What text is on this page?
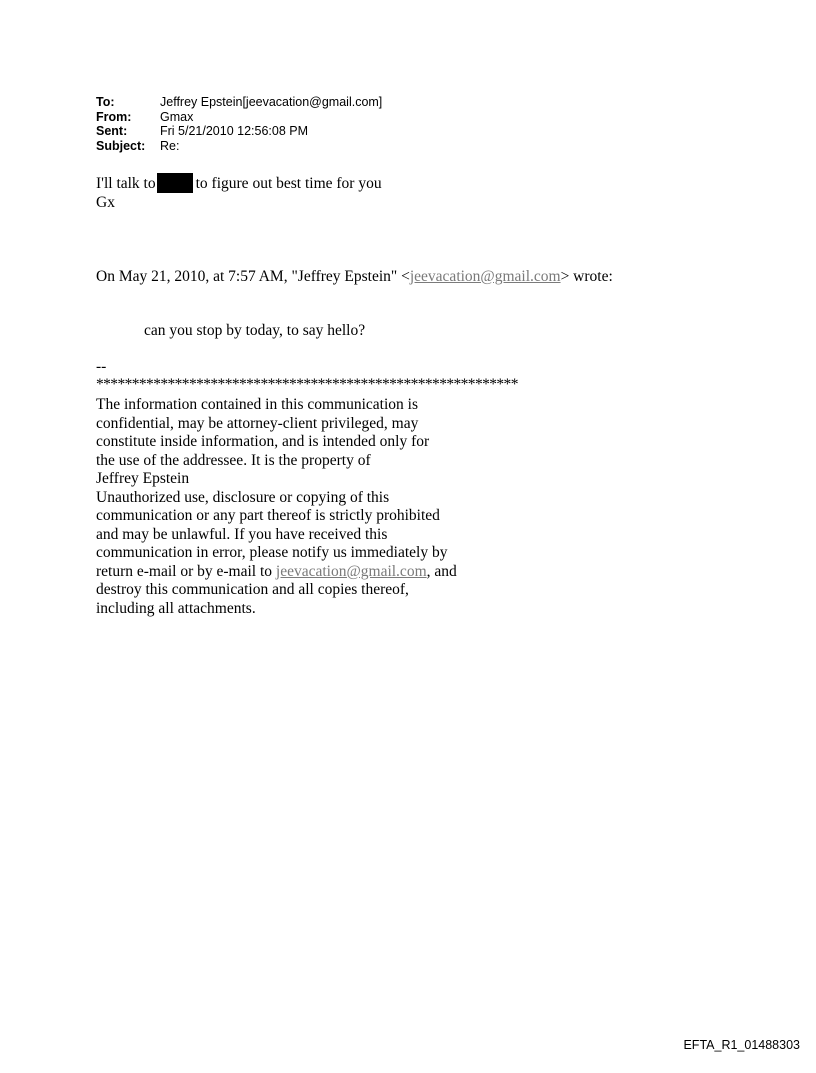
To:	Jeffrey Epstein[jeevacation@gmail.com]
From:	Gmax
Sent:	Fri 5/21/2010 12:56:08 PM
Subject:	Re:
I'll talk to	to figure out best time for you
Gx
On May 21, 2010, at 7:57 AM, "Jeffrey Epstein" <jeevacation@gmail.com> wrote:
can you stop by today, to say hello?
--
***********************************************************
The information contained in this communication is
confidential, may be attorney-client privileged, may
constitute inside information, and is intended only for
the use of the addressee. It is the property of
Jeffrey Epstein
Unauthorized use, disclosure or copying of this
communication or any part thereof is strictly prohibited
and may be unlawful. If you have received this
communication in error, please notify us immediately by
return e-mail or by e-mail to jeevacation@gmail.com, and
destroy this communication and all copies thereof,
including all attachments.
EFTA_R1_01488303
